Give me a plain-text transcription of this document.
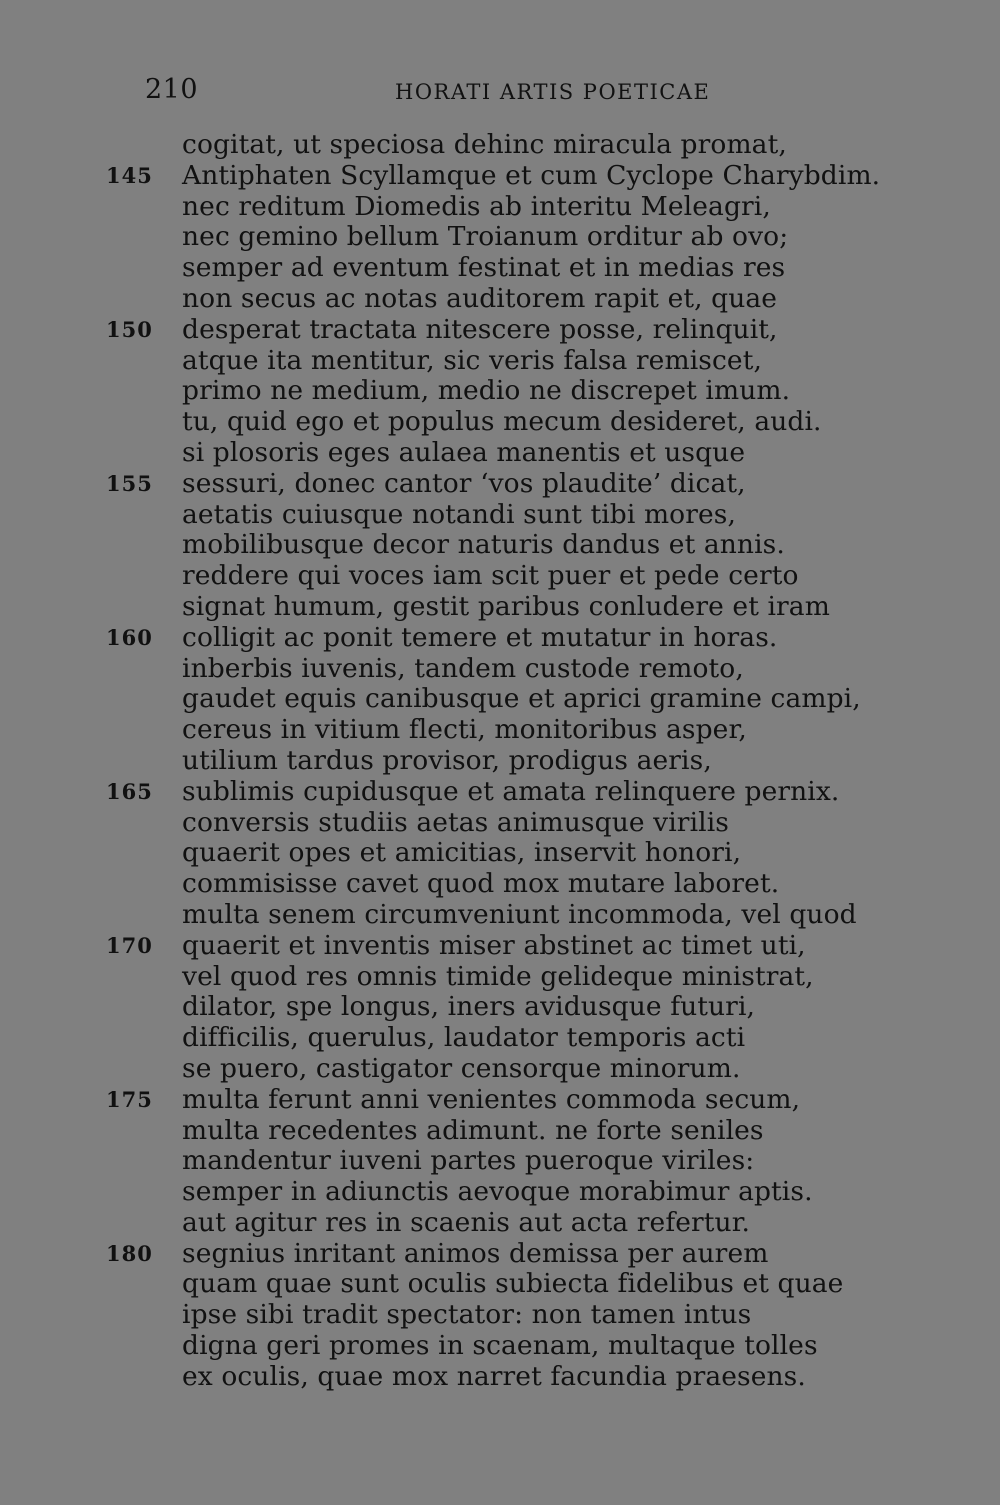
210	HORATI ARTIS POETICAE
cogitat, ut speciosa dehinc miracula promat,
145	Antiphaten Scyllamque et cum Cyclope Charybdim.
nec reditum Diomedis ab interitu Meleagri,
nec gemino bellum Troianum orditur ab ovo;
semper ad eventum festinat et in medias res
non secus ac notas auditorem rapit et, quae
150	desperat tractata nitescere posse, relinquit,
atque ita mentitur, sic veris falsa remiscet,
primo ne medium, medio ne discrepet imum.
tu, quid ego et populus mecum desideret, audi.
si plosoris eges aulaea manentis et usque
155	sessuri, donec cantor ‘vos plaudite’ dicat,
aetatis cuiusque notandi sunt tibi mores,
mobilibusque decor naturis dandus et annis.
reddere qui voces iam scit puer et pede certo
signat humum, gestit paribus conludere et iram
160	colligit ac ponit temere et mutatur in horas.
inberbis iuvenis, tandem custode remoto,
gaudet equis canibusque et aprici gramine campi,
cereus in vitium flecti, monitoribus asper,
utilium tardus provisor, prodigus aeris,
165	sublimis cupidusque et amata relinquere pernix.
conversis studiis aetas animusque virilis
quaerit opes et amicitias, inservit honori,
commisisse cavet quod mox mutare laboret.
multa senem circumveniunt incommoda, vel quod
170	quaerit et inventis miser abstinet ac timet uti,
vel quod res omnis timide gelideque ministrat,
dilator, spe longus, iners avidusque futuri,
difficilis, querulus, laudator temporis acti
se puero, castigator censorque minorum.
175	multa ferunt anni venientes commoda secum,
multa recedentes adimunt. ne forte seniles
mandentur iuveni partes pueroque viriles:
semper in adiunctis aevoque morabimur aptis.
aut agitur res in scaenis aut acta refertur.
180	segnius inritant animos demissa per aurem
quam quae sunt oculis subiecta fidelibus et quae
ipse sibi tradit spectator: non tamen intus
digna geri promes in scaenam, multaque tolles
ex oculis, quae mox narret facundia praesens.
